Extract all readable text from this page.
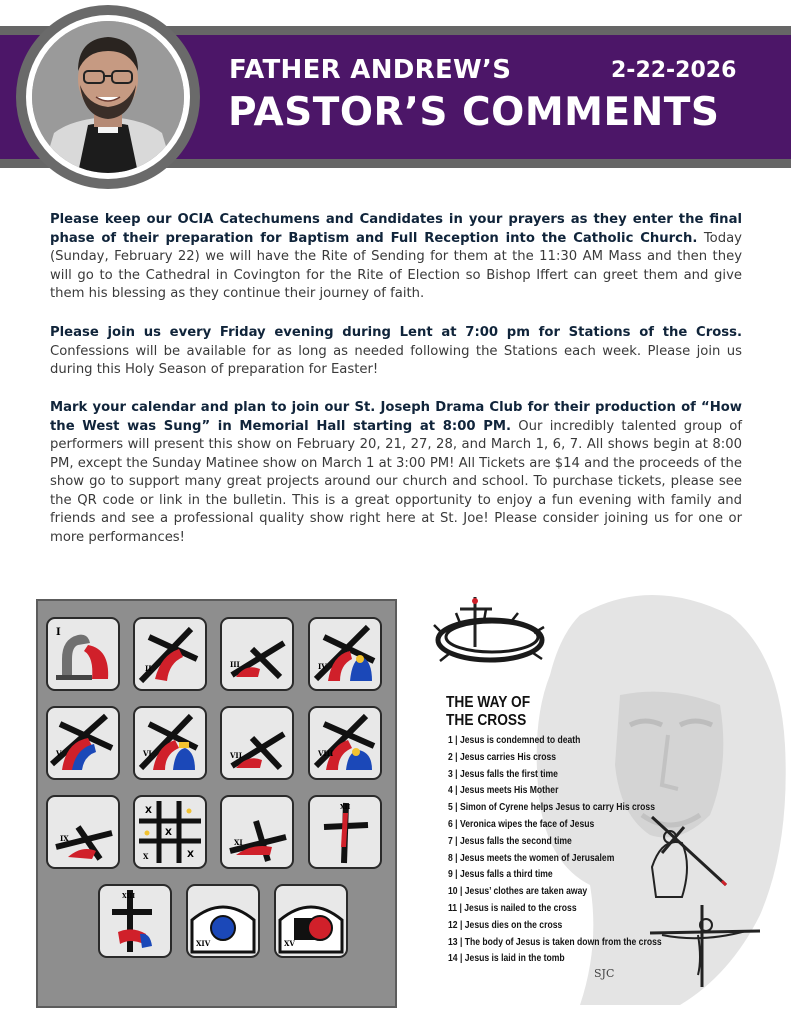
FATHER ANDREW’S	2-22-2026
PASTOR’S COMMENTS

Please keep our OCIA Catechumens and Candidates in your prayers as they enter the final phase of their preparation for Baptism and Full Reception into the Catholic Church. Today (Sunday, February 22) we will have the Rite of Sending for them at the 11:30 AM Mass and then they will go to the Cathedral in Covington for the Rite of Election so Bishop Iffert can greet them and give them his blessing as they continue their journey of faith.

Please join us every Friday evening during Lent at 7:00 pm for Stations of the Cross. Confessions will be available for as long as needed following the Stations each week. Please join us during this Holy Season of preparation for Easter!

Mark your calendar and plan to join our St. Joseph Drama Club for their production of “How the West was Sung” in Memorial Hall starting at 8:00 PM. Our incredibly talented group of performers will present this show on February 20, 21, 27, 28, and March 1, 6, 7. All shows begin at 8:00 PM, except the Sunday Matinee show on March 1 at 3:00 PM! All Tickets are $14 and the proceeds of the show go to support many great projects around our church and school. To purchase tickets, please see the QR code or link in the bulletin. This is a great opportunity to enjoy a fun evening with family and friends and see a professional quality show right here at St. Joe! Please consider joining us for one or more performances!

I
II	III	IV
V	VI	VII	VIII
IX
X
X
X
X
XI
XII
XIII
XIV	XV
THE WAY OF
THE CROSS
1 | Jesus is condemned to death
2 | Jesus carries His cross
3 | Jesus falls the first time
4 | Jesus meets His Mother
5 | Simon of Cyrene helps Jesus to carry His cross
6 | Veronica wipes the face of Jesus
7 | Jesus falls the second time
8 | Jesus meets the women of Jerusalem
9 | Jesus falls a third time
10 | Jesus’ clothes are taken away
11 | Jesus is nailed to the cross
12 | Jesus dies on the cross
13 | The body of Jesus is taken down from the cross
14 | Jesus is laid in the tomb
SJC
